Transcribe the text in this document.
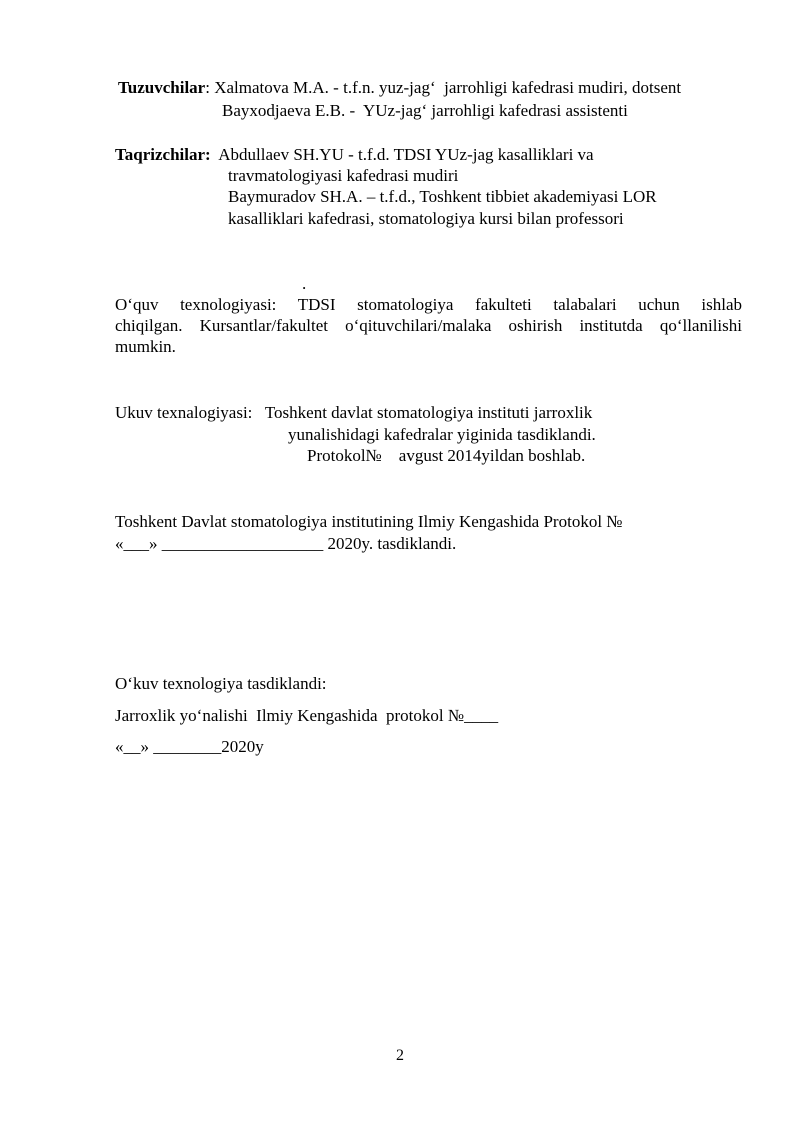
Tuzuvchilar: Xalmatova M.A. - t.f.n. yuz-jag‘  jarrohligi kafedrasi mudiri, dotsent
Bayxodjaeva E.B. -  YUz-jag‘ jarrohligi kafedrasi assistenti
Taqrizchilar:  Abdullaev SH.YU - t.f.d. TDSI YUz-jag kasalliklari va
travmatologiyasi kafedrasi mudiri
Baymuradov SH.A. – t.f.d., Toshkent tibbiet akademiyasi LOR
kasalliklari kafedrasi, stomatologiya kursi bilan professori
.
O‘quv texnologiyasi: TDSI stomatologiya fakulteti talabalari uchun ishlab
chiqilgan. Kursantlar/fakultet o‘qituvchilari/malaka oshirish institutda qo‘llanilishi
mumkin.
Ukuv texnalogiyasi:   Toshkent davlat stomatologiya instituti jarroxlik
yunalishidagi kafedralar yiginida tasdiklandi.
Protokol№    avgust 2014yildan boshlab.
Toshkent Davlat stomatologiya institutining Ilmiy Kengashida Protokol №
«___» ___________________ 2020y. tasdiklandi.
O‘kuv texnologiya tasdiklandi:
Jarroxlik yo‘nalishi  Ilmiy Kengashida  protokol №____
«__» ________2020y
2
